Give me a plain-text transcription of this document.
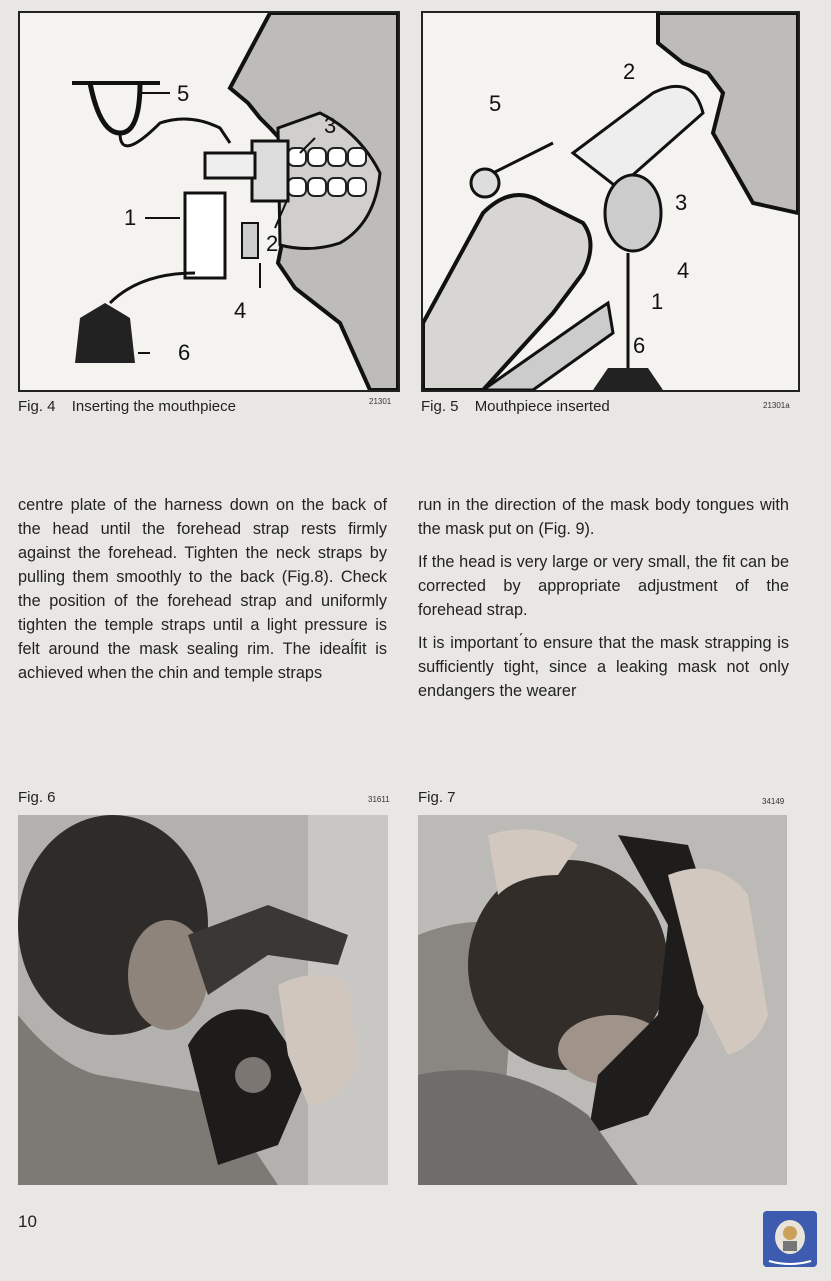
5
1
2
3
4
6
Fig. 4 Inserting the mouthpiece	21301
2
5
3
4
1
6
Fig. 5 Mouthpiece inserted	21301a

centre plate of the harness down on the back of the head until the forehead strap rests firmly against the forehead. Tighten the neck straps by pulling them smoothly to the back (Fig.8). Check the position of the forehead strap and uniformly tighten the temple straps until a light pressure is felt around the mask sealing rim. The ideaĺfit is achieved when the chin and temple straps

run in the direction of the mask body tongues with the mask put on (Fig. 9).

If the head is very large or very small, the fit can be corrected by appropriate adjustment of the forehead strap.

It is important ́to ensure that the mask strapping is sufficiently tight, since a leaking mask not only endangers the wearer

Fig. 6	31611 Fig. 7	34149
10
